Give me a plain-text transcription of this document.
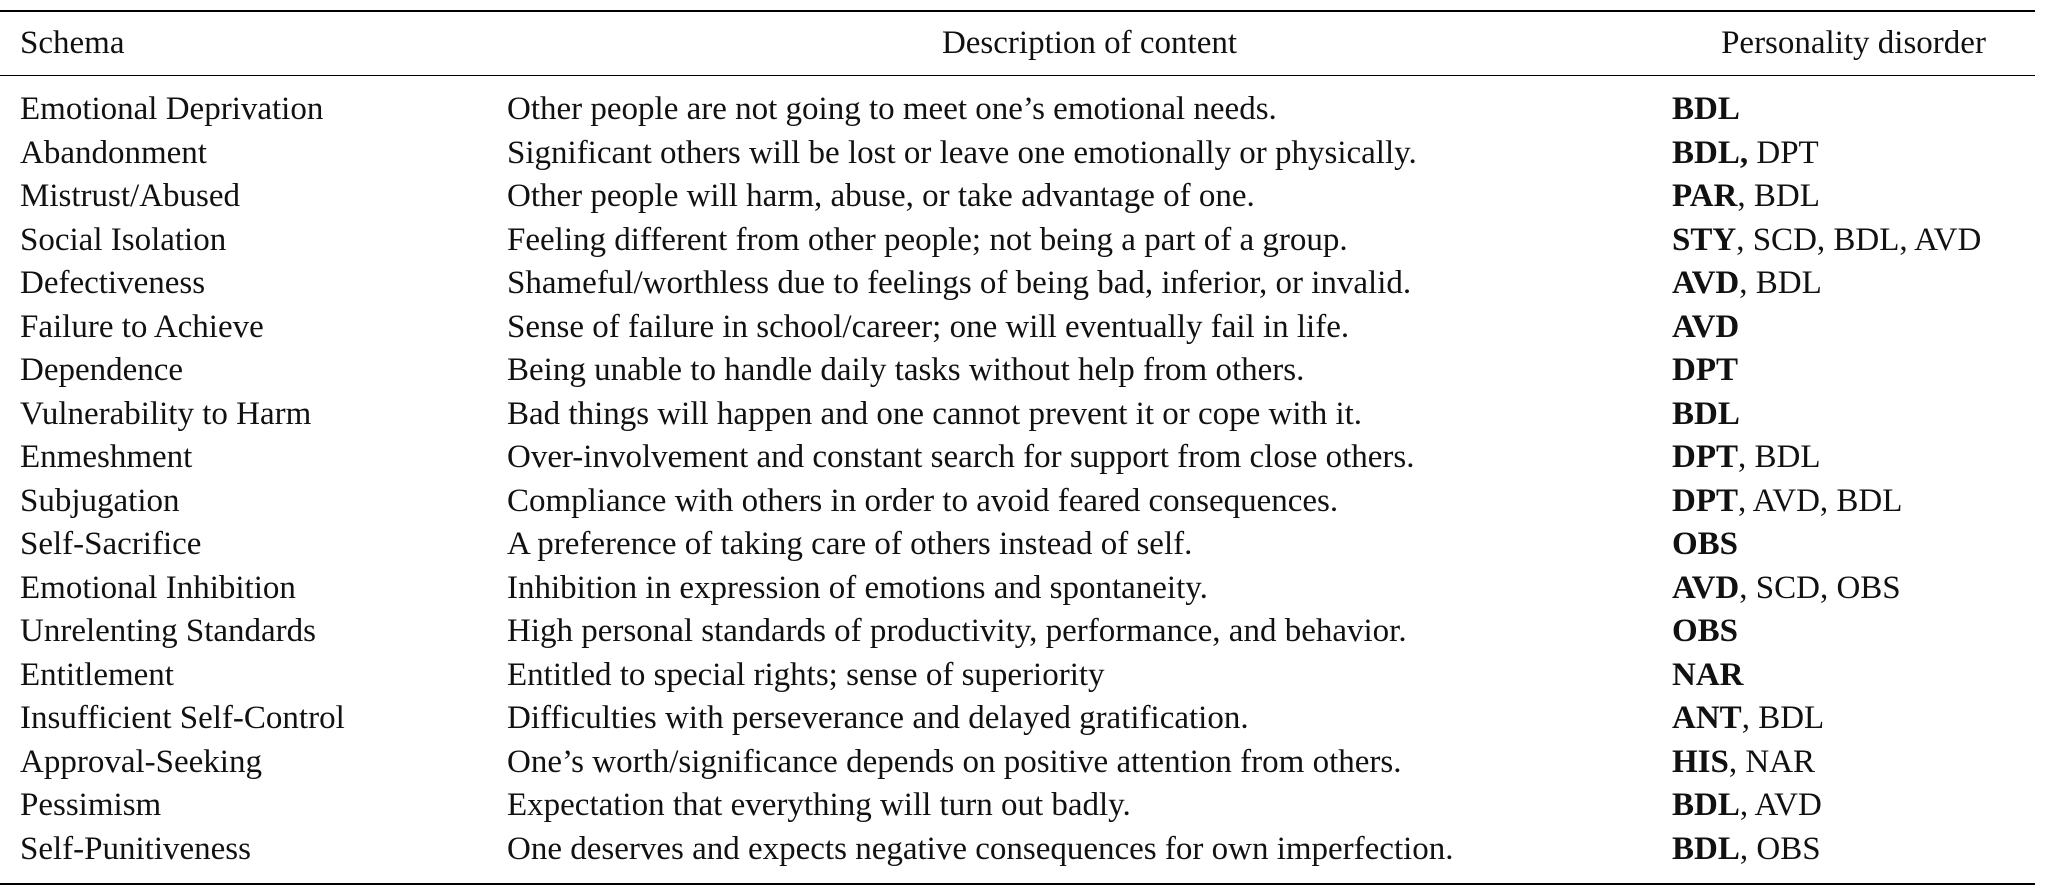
Schema	Description of content	Personality disorder
Emotional Deprivation	Other people are not going to meet one’s emotional needs.	BDL
Abandonment	Significant others will be lost or leave one emotionally or physically.	BDL, DPT
Mistrust/Abused	Other people will harm, abuse, or take advantage of one.	PAR, BDL
Social Isolation	Feeling different from other people; not being a part of a group.	STY, SCD, BDL, AVD
Defectiveness	Shameful/worthless due to feelings of being bad, inferior, or invalid.	AVD, BDL
Failure to Achieve	Sense of failure in school/career; one will eventually fail in life.	AVD
Dependence	Being unable to handle daily tasks without help from others.	DPT
Vulnerability to Harm	Bad things will happen and one cannot prevent it or cope with it.	BDL
Enmeshment	Over-involvement and constant search for support from close others.	DPT, BDL
Subjugation	Compliance with others in order to avoid feared consequences.	DPT, AVD, BDL
Self-Sacrifice	A preference of taking care of others instead of self.	OBS
Emotional Inhibition	Inhibition in expression of emotions and spontaneity.	AVD, SCD, OBS
Unrelenting Standards	High personal standards of productivity, performance, and behavior.	OBS
Entitlement	Entitled to special rights; sense of superiority	NAR
Insufficient Self-Control	Difficulties with perseverance and delayed gratification.	ANT, BDL
Approval-Seeking	One’s worth/significance depends on positive attention from others.	HIS, NAR
Pessimism	Expectation that everything will turn out badly.	BDL, AVD
Self-Punitiveness	One deserves and expects negative consequences for own imperfection.	BDL, OBS
